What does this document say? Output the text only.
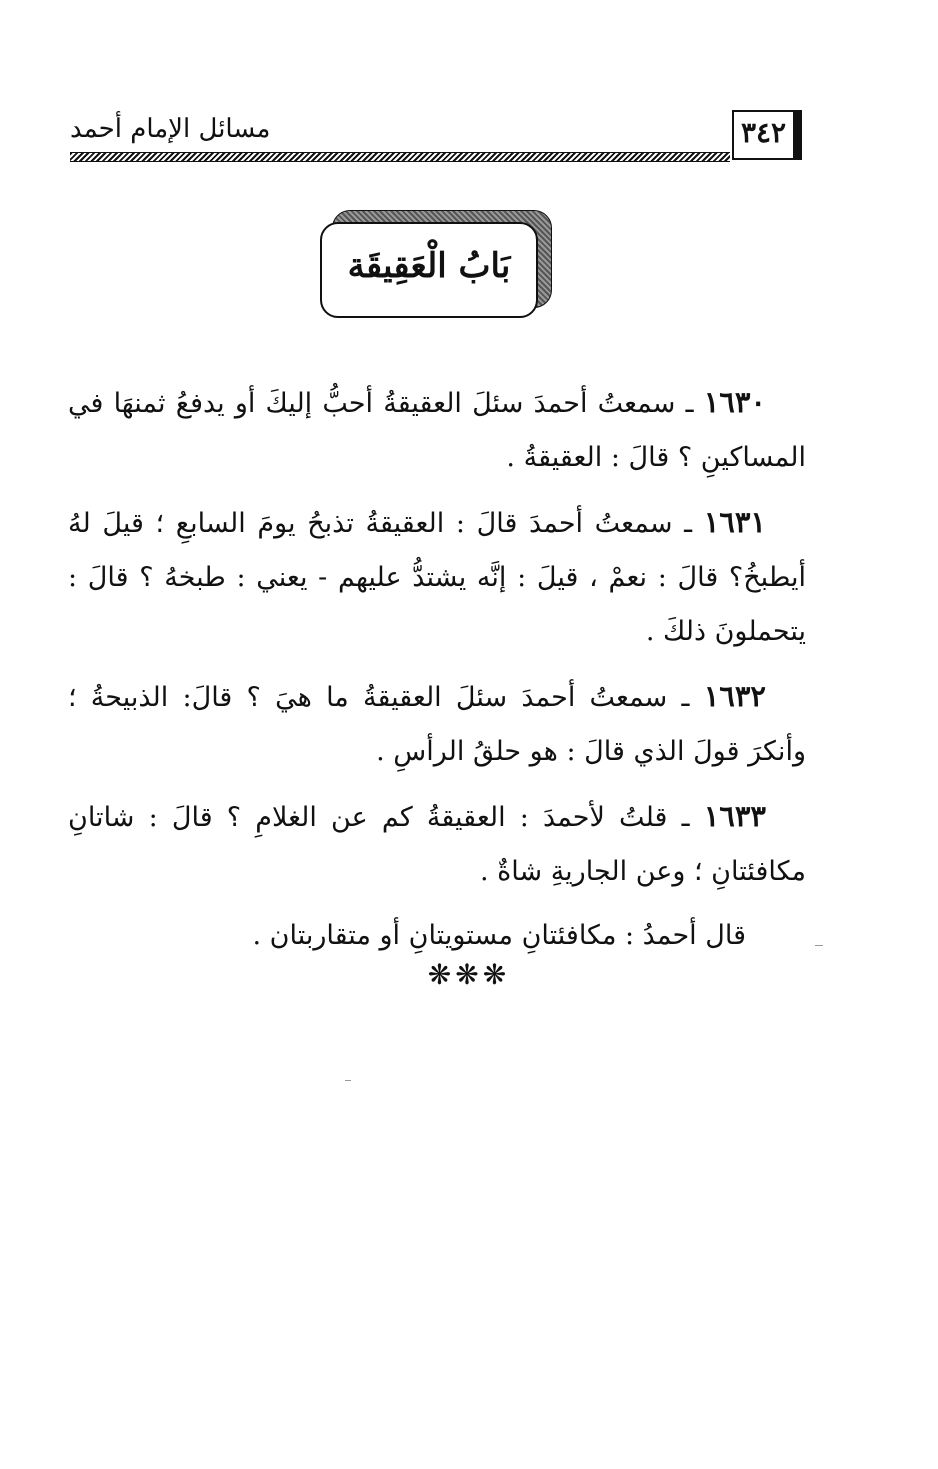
مسائل الإمام أحمد	٣٤٢
بَابُ الْعَقِيقَة

١٦٣٠ ـ سمعتُ أحمدَ سئلَ العقيقةُ أحبُّ إليكَ أو يدفعُ ثمنهَا في المساكينِ ؟ قالَ : العقيقةُ .

١٦٣١ ـ سمعتُ أحمدَ قالَ : العقيقةُ تذبحُ يومَ السابعِ ؛ قيلَ لهُ أيطبخُ؟ قالَ : نعمْ ، قيلَ : إنَّه يشتدُّ عليهم - يعني : طبخهُ ؟ قالَ : يتحملونَ ذلكَ .

١٦٣٢ ـ سمعتُ أحمدَ سئلَ العقيقةُ ما هيَ ؟ قالَ: الذبيحةُ ؛ وأنكرَ قولَ الذي قالَ : هو حلقُ الرأسِ .

١٦٣٣ ـ قلتُ لأحمدَ : العقيقةُ كم عن الغلامِ ؟ قالَ : شاتانِ مكافئتانِ ؛ وعن الجاريةِ شاةٌ .

قال أحمدُ : مكافئتانِ مستويتانِ أو متقاربتان .

❋❋❋
